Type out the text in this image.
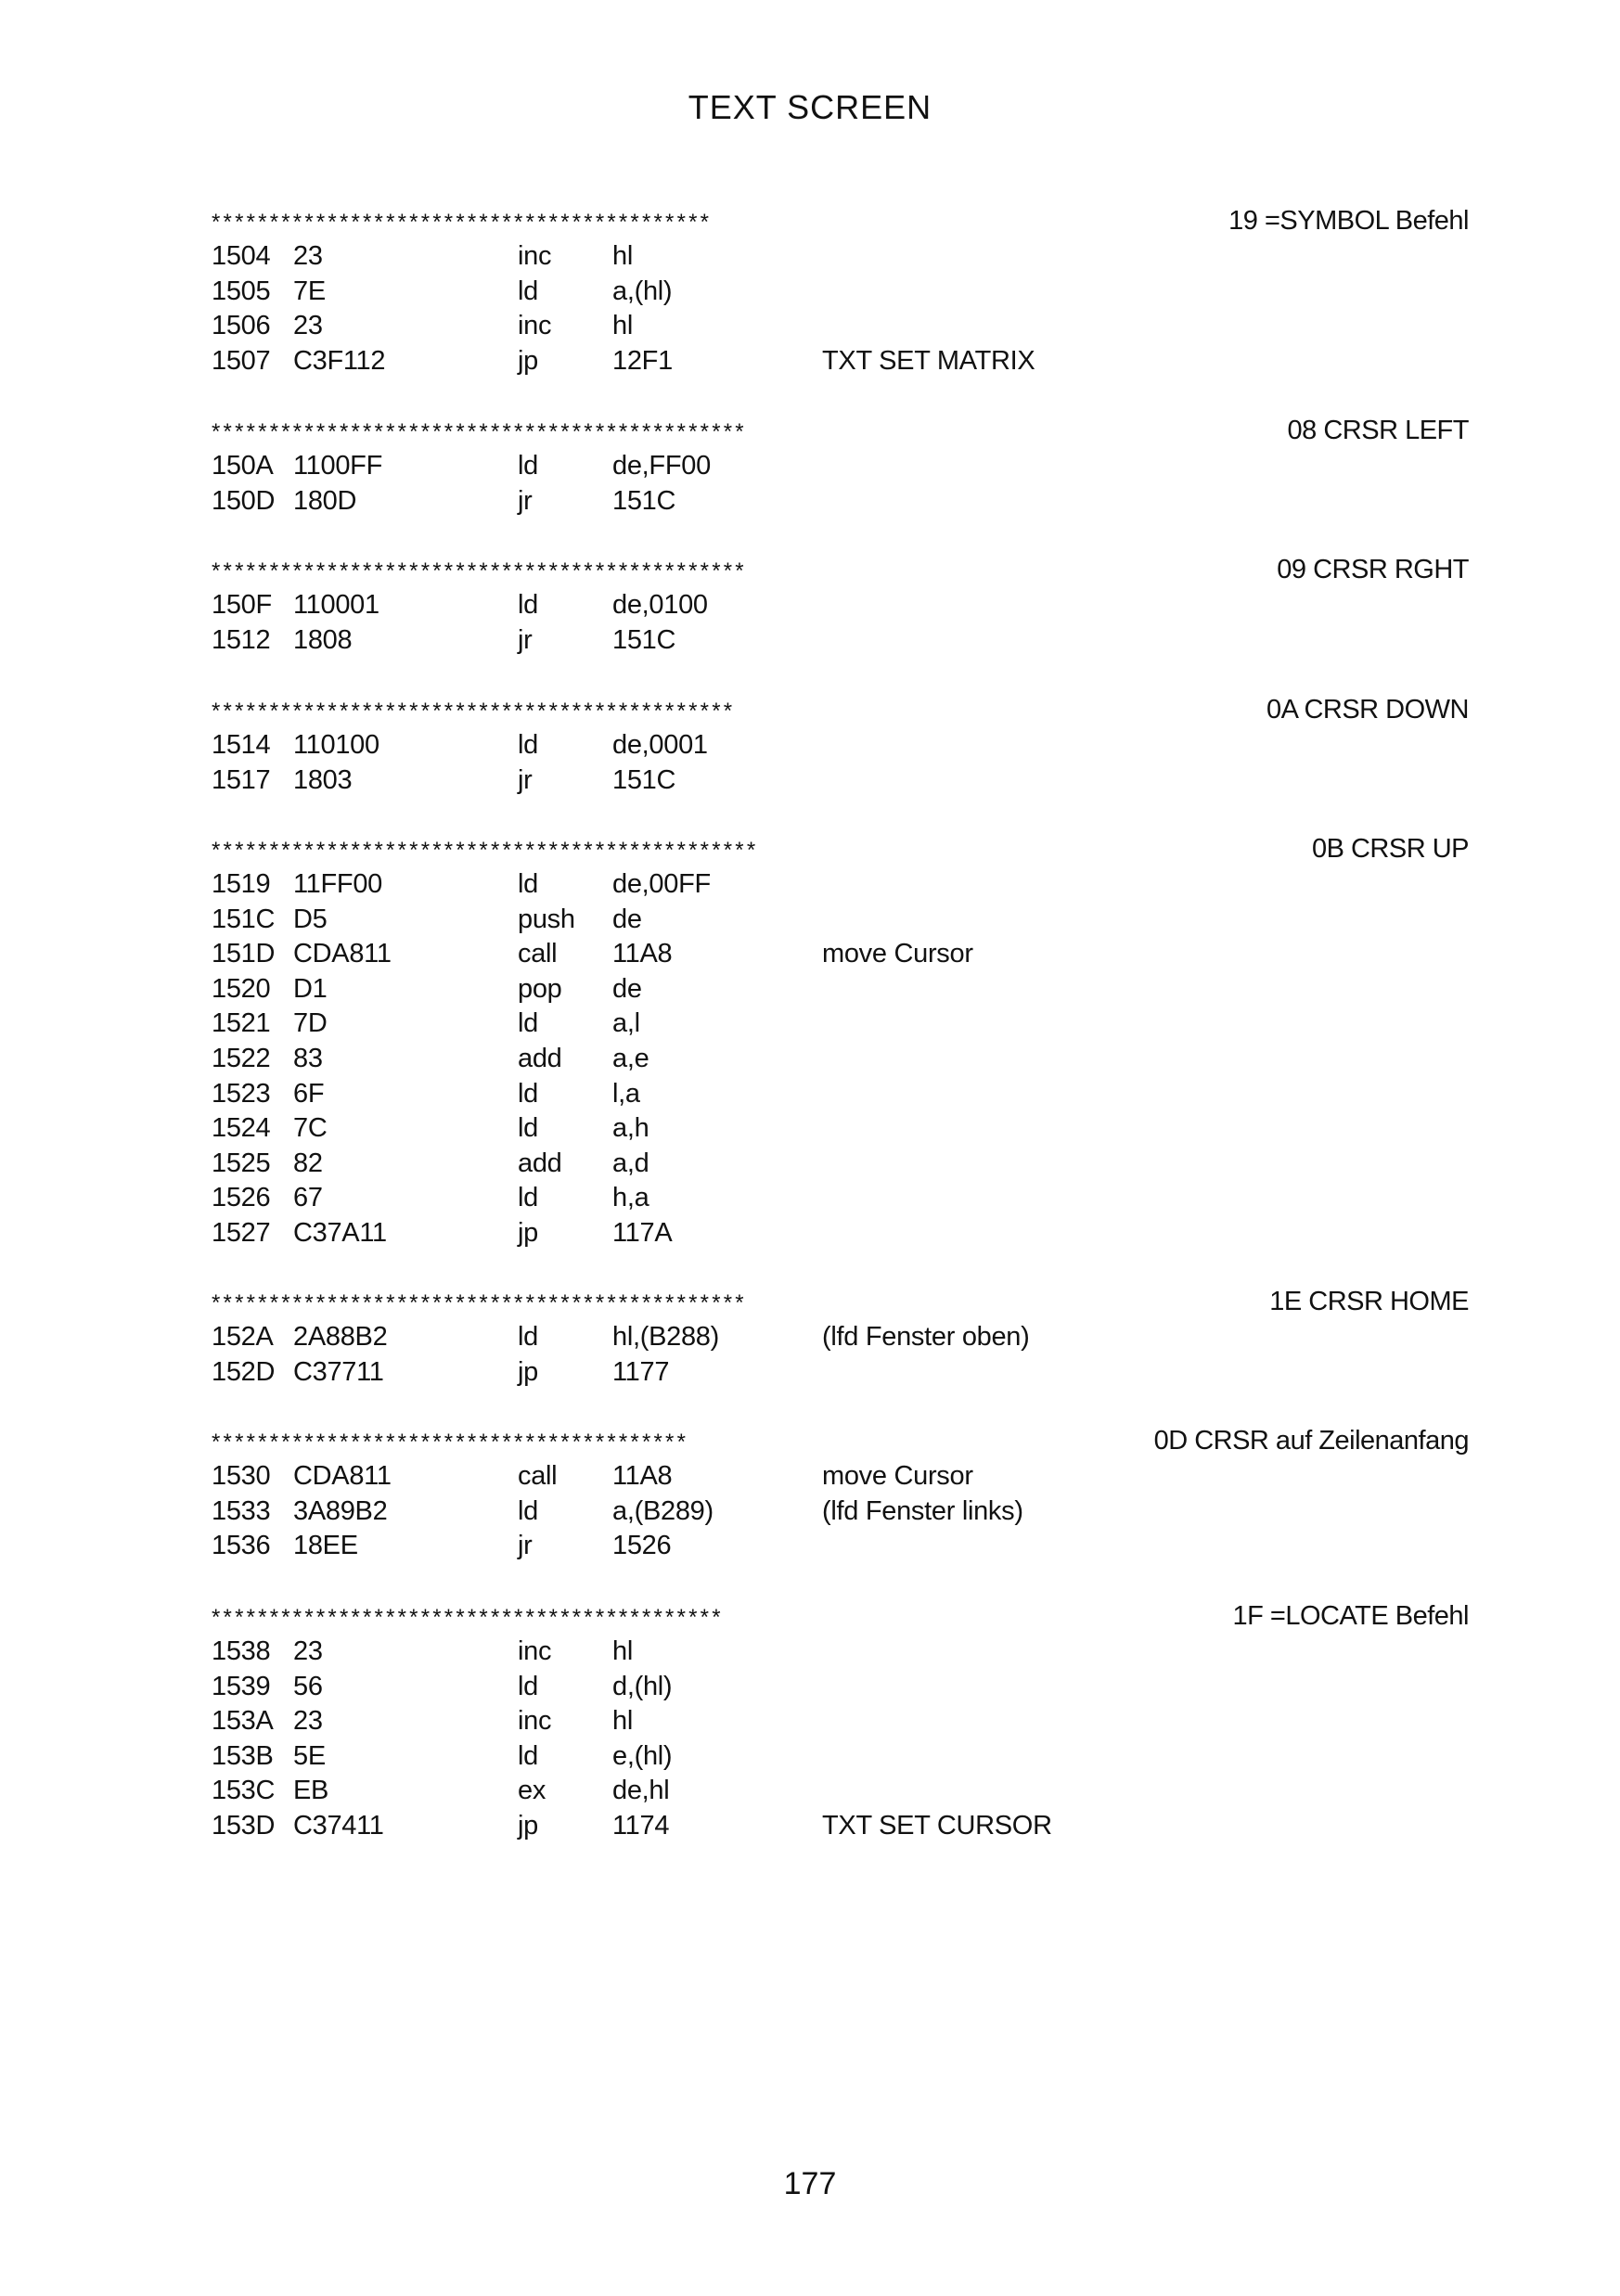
TEXT SCREEN
*******************************************	19 =SYMBOL Befehl
1504 23	inc hl
1505 7E	ld	a,(hl)
1506 23	inc hl
1507 C3F112	jp	12F1	TXT SET MATRIX
**********************************************	08 CRSR LEFT
150A 1100FF	ld	de,FF00
150D 180D	jr	151C
**********************************************	09 CRSR RGHT
150F 110001	ld	de,0100
1512 1808	jr	151C
*********************************************	0A CRSR DOWN
1514 110100	ld	de,0001
1517 1803	jr	151C
***********************************************	0B CRSR UP
1519 11FF00	ld	de,00FF
151C D5	push de
151D CDA811	call 11A8	move Cursor
1520 D1	pop de
1521 7D	ld	a,l
1522 83	add a,e
1523 6F	ld	l,a
1524 7C	ld	a,h
1525 82	add a,d
1526 67	ld	h,a
1527 C37A11	jp	117A
**********************************************	1E CRSR HOME
152A 2A88B2	ld	hl,(B288)	(lfd Fenster oben)
152D C37711	jp	1177
*****************************************	0D CRSR auf Zeilenanfang
1530 CDA811	call 11A8	move Cursor
1533 3A89B2	ld	a,(B289)	(lfd Fenster links)
1536 18EE	jr	1526
********************************************	1F =LOCATE Befehl
1538 23	inc hl
1539 56	ld	d,(hl)
153A 23	inc hl
153B 5E	ld	e,(hl)
153C EB	ex de,hl
153D C37411	jp	1174	TXT SET CURSOR
177
